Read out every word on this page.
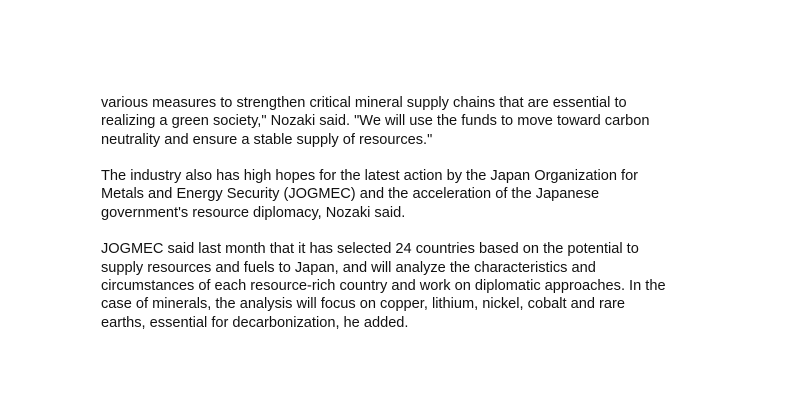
various measures to strengthen critical mineral supply chains that are essential to
realizing a green society," Nozaki said. "We will use the funds to move toward carbon
neutrality and ensure a stable supply of resources."

The industry also has high hopes for the latest action by the Japan Organization for
Metals and Energy Security (JOGMEC) and the acceleration of the Japanese
government's resource diplomacy, Nozaki said.

JOGMEC said last month that it has selected 24 countries based on the potential to
supply resources and fuels to Japan, and will analyze the characteristics and
circumstances of each resource-rich country and work on diplomatic approaches. In the
case of minerals, the analysis will focus on copper, lithium, nickel, cobalt and rare
earths, essential for decarbonization, he added.
